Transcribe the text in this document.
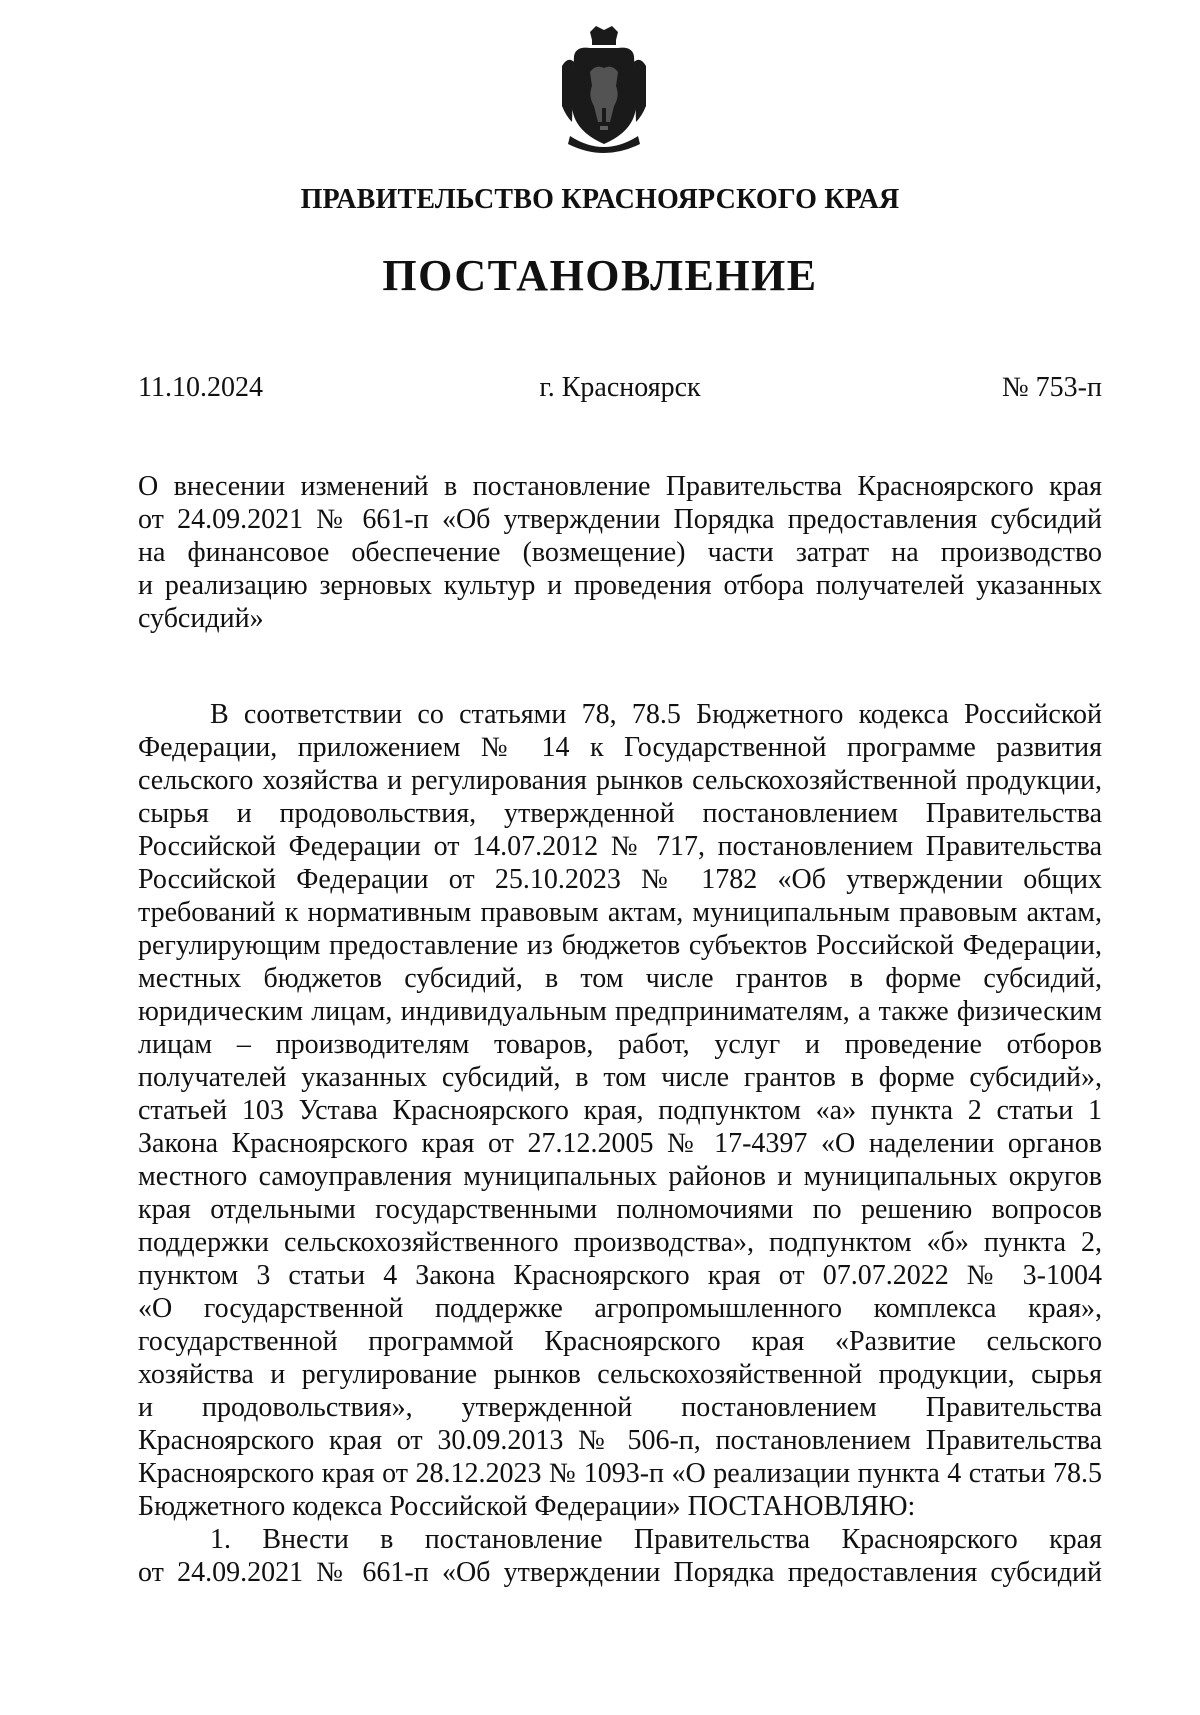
ПРАВИТЕЛЬСТВО КРАСНОЯРСКОГО КРАЯ
ПОСТАНОВЛЕНИЕ
11.10.2024	г. Красноярск	№ 753-п
О внесении изменений в постановление Правительства Красноярского края
от 24.09.2021 № 661-п «Об утверждении Порядка предоставления субсидий
на финансовое обеспечение (возмещение) части затрат на производство
и реализацию зерновых культур и проведения отбора получателей указанных
субсидий»
В соответствии со статьями 78, 78.5 Бюджетного кодекса Российской
Федерации, приложением № 14 к Государственной программе развития
сельского хозяйства и регулирования рынков сельскохозяйственной продукции,
сырья и продовольствия, утвержденной постановлением Правительства
Российской Федерации от 14.07.2012 № 717, постановлением Правительства
Российской Федерации от 25.10.2023 № 1782 «Об утверждении общих
требований к нормативным правовым актам, муниципальным правовым актам,
регулирующим предоставление из бюджетов субъектов Российской Федерации,
местных бюджетов субсидий, в том числе грантов в форме субсидий,
юридическим лицам, индивидуальным предпринимателям, а также физическим
лицам – производителям товаров, работ, услуг и проведение отборов
получателей указанных субсидий, в том числе грантов в форме субсидий»,
статьей 103 Устава Красноярского края, подпунктом «а» пункта 2 статьи 1
Закона Красноярского края от 27.12.2005 № 17-4397 «О наделении органов
местного самоуправления муниципальных районов и муниципальных округов
края отдельными государственными полномочиями по решению вопросов
поддержки сельскохозяйственного производства», подпунктом «б» пункта 2,
пунктом 3 статьи 4 Закона Красноярского края от 07.07.2022 № 3-1004
«О государственной поддержке агропромышленного комплекса края»,
государственной программой Красноярского края «Развитие сельского
хозяйства и регулирование рынков сельскохозяйственной продукции, сырья
и продовольствия», утвержденной постановлением Правительства
Красноярского края от 30.09.2013 № 506-п, постановлением Правительства
Красноярского края от 28.12.2023 № 1093-п «О реализации пункта 4 статьи 78.5
Бюджетного кодекса Российской Федерации» ПОСТАНОВЛЯЮ:
1. Внести в постановление Правительства Красноярского края
от 24.09.2021 № 661-п «Об утверждении Порядка предоставления субсидий
